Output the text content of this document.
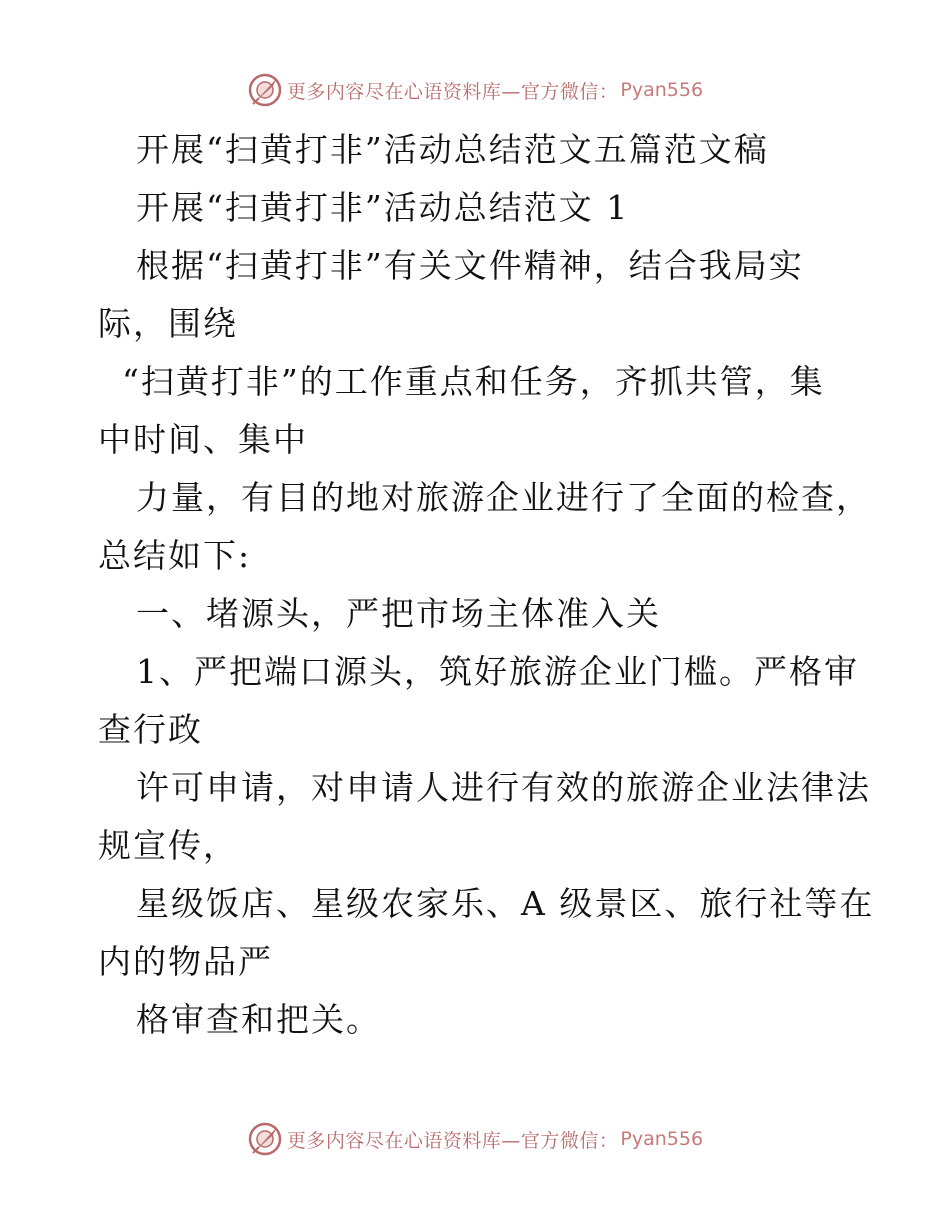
更多内容尽在心语资料库—官方微信： Pyan556
开展“扫黄打非”活动总结范文五篇范文稿
开展“扫黄打非”活动总结范文 1
根据“扫黄打非”有关文件精神，结合我局实
际，围绕
“扫黄打非”的工作重点和任务，齐抓共管，集
中时间、集中
力量，有目的地对旅游企业进行了全面的检查，
总结如下:
一、堵源头，严把市场主体准入关
1、严把端口源头，筑好旅游企业门槛。严格审
查行政
许可申请，对申请人进行有效的旅游企业法律法
规宣传，
星级饭店、星级农家乐、A 级景区、旅行社等在
内的物品严
格审查和把关。
更多内容尽在心语资料库—官方微信： Pyan556
